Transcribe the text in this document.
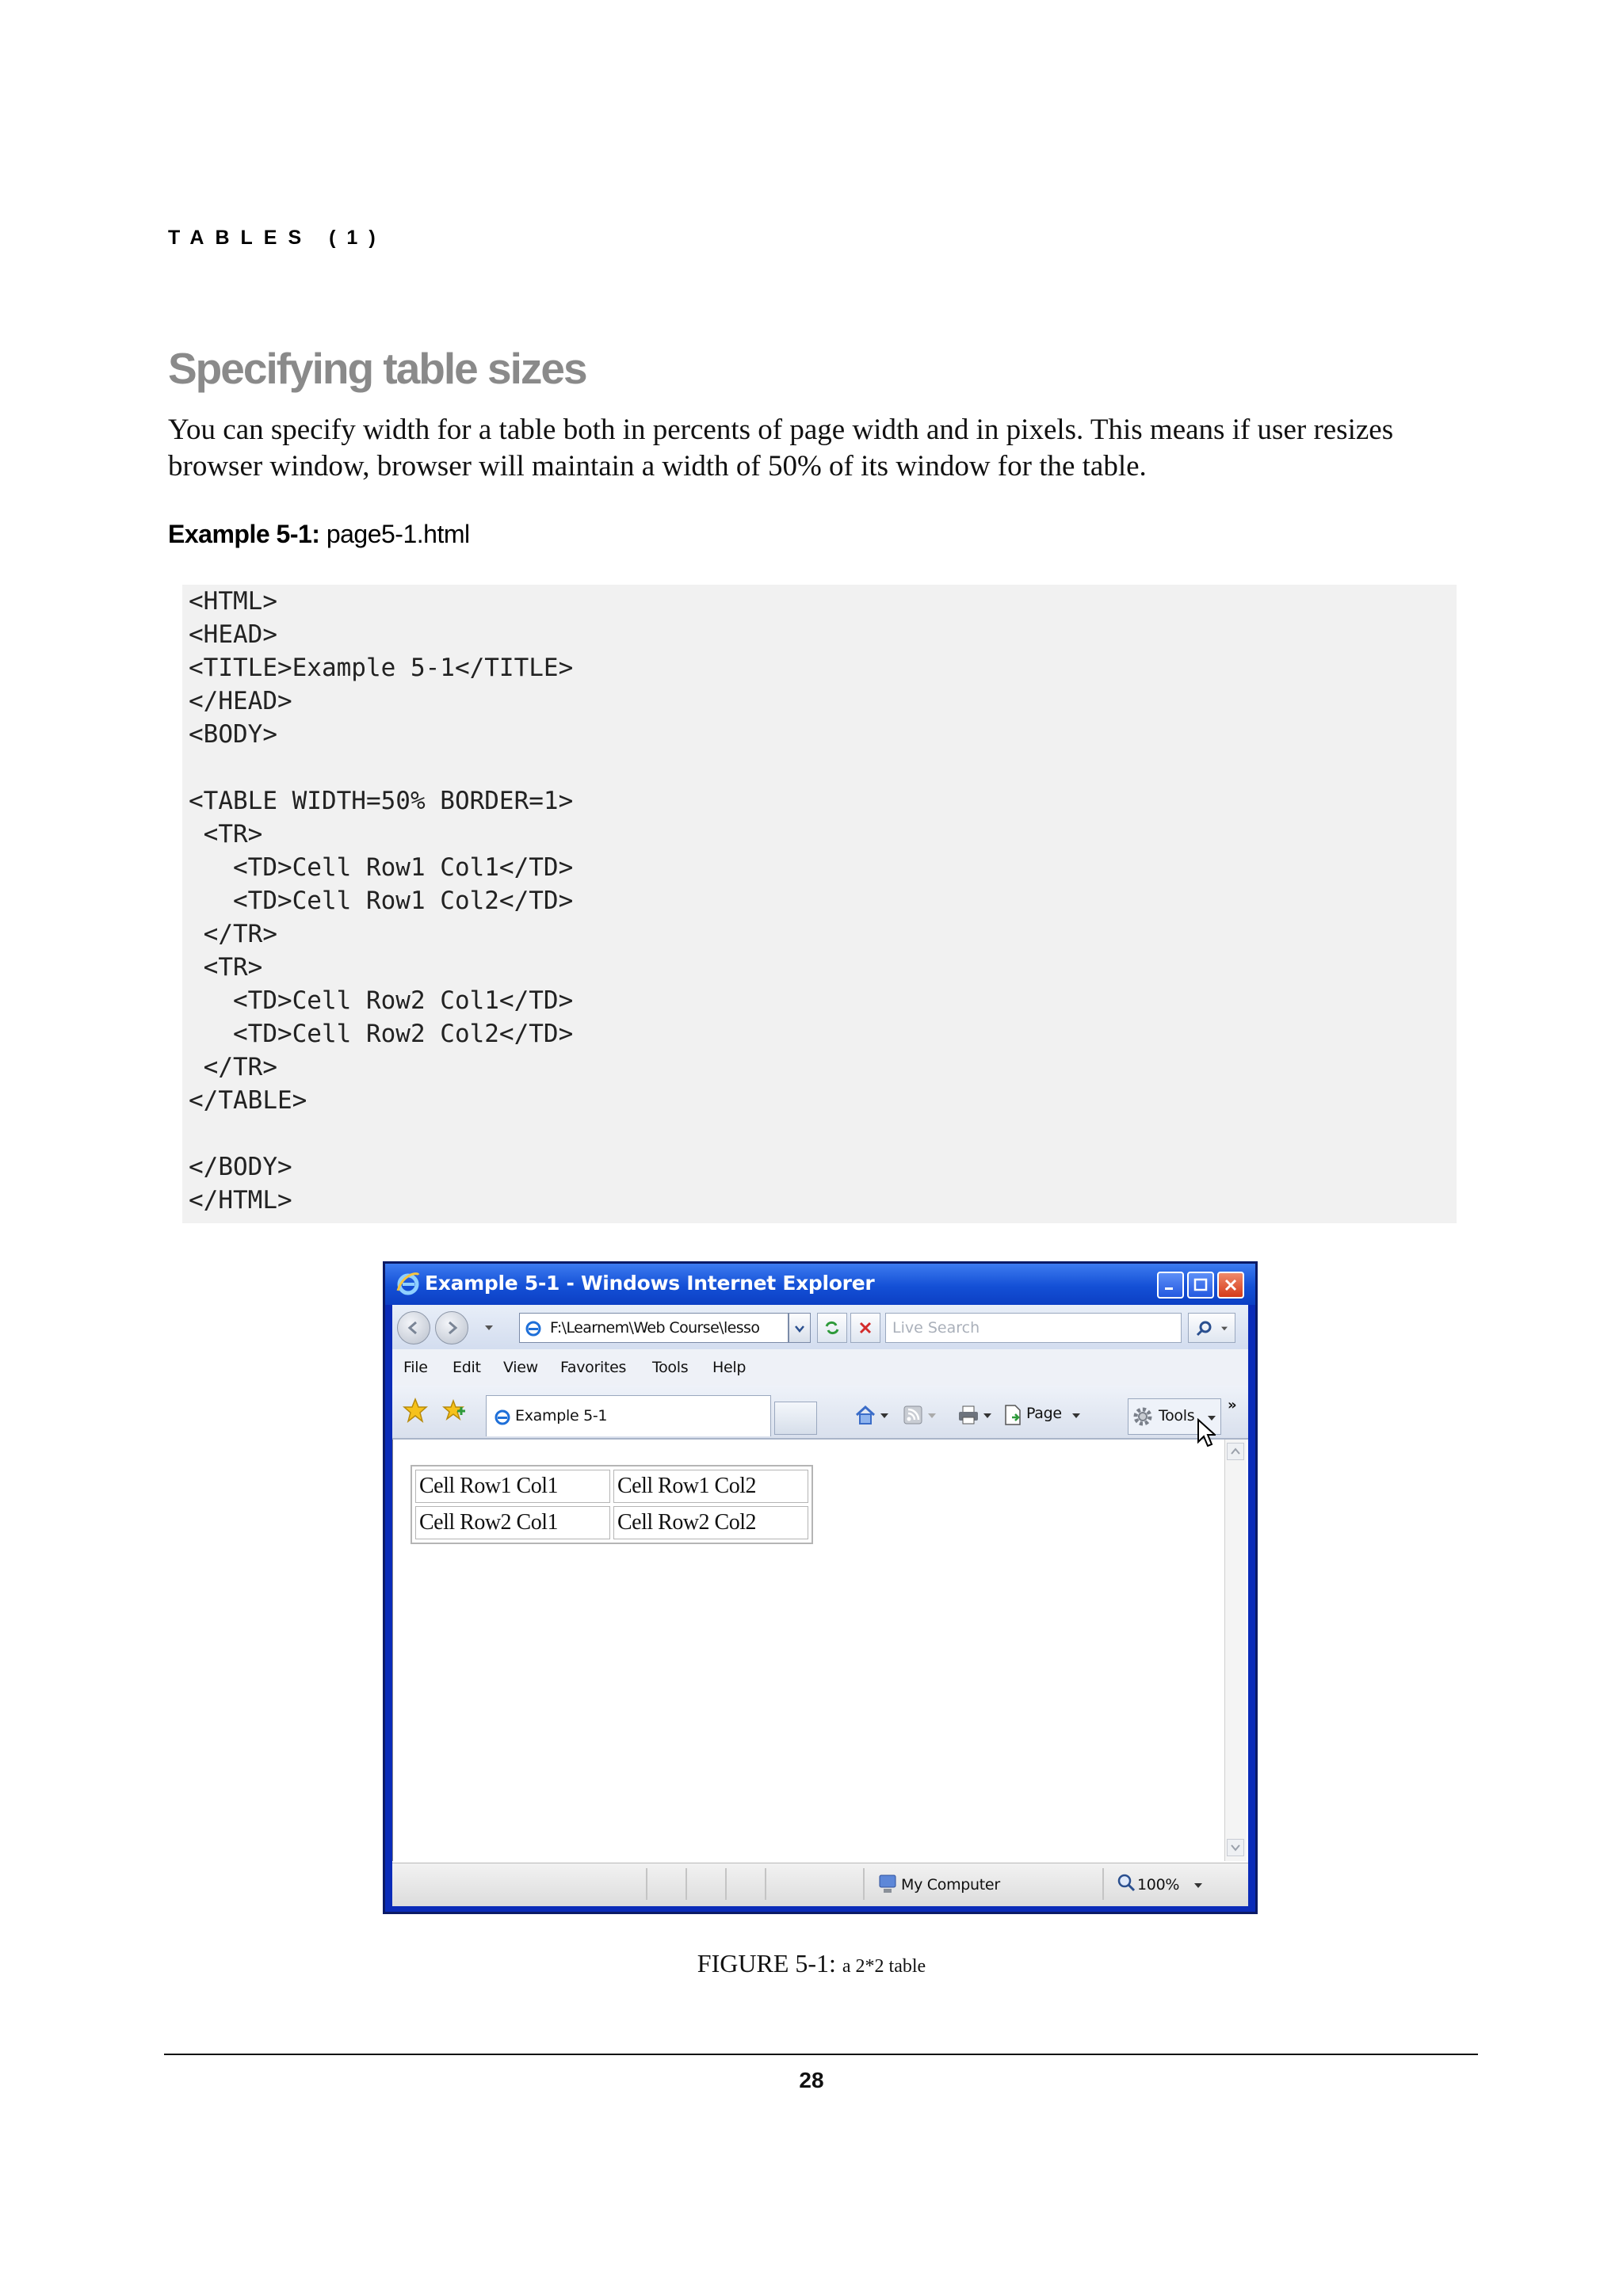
TABLES (1)
Specifying table sizes
You can specify width for a table both in percents of page width and in pixels. This means if user resizes browser window, browser will maintain a width of 50% of its window for the table.
Example 5-1: page5-1.html
<HTML>
<HEAD>
<TITLE>Example 5-1</TITLE>
</HEAD>
<BODY>
<TABLE WIDTH=50% BORDER=1>
<TR>
<TD>Cell Row1 Col1</TD>
<TD>Cell Row1 Col2</TD>
</TR>
<TR>
<TD>Cell Row2 Col1</TD>
<TD>Cell Row2 Col2</TD>
</TR>
</TABLE>
</BODY>
</HTML>
Example 5-1 - Windows Internet Explorer
F:\Learnem\Web Course\lesso	Live Search
File Edit View Favorites Tools Help
Example 5-1	Page	Tools
»
Cell Row1 Col1	Cell Row1 Col2
Cell Row2 Col1	Cell Row2 Col2
My Computer	100%
FIGURE 5-1: a 2*2 table
28
